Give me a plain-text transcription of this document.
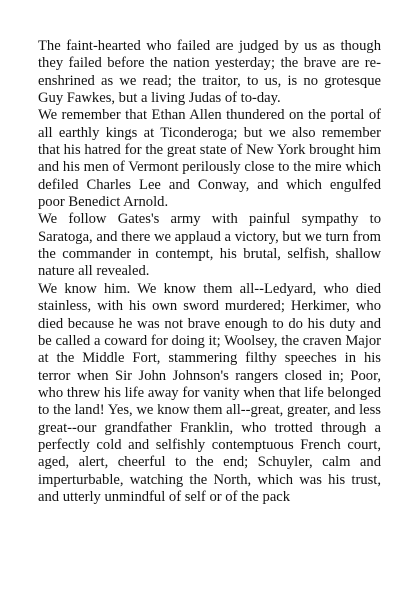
The faint-hearted who failed are judged by us as though they failed before the nation yesterday; the brave are re-enshrined as we read; the traitor, to us, is no grotesque Guy Fawkes, but a living Judas of to-day.

We remember that Ethan Allen thundered on the portal of all earthly kings at Ticonderoga; but we also remember that his hatred for the great state of New York brought him and his men of Vermont perilously close to the mire which defiled Charles Lee and Conway, and which engulfed poor Benedict Arnold.

We follow Gates's army with painful sympathy to Saratoga, and there we applaud a victory, but we turn from the commander in contempt, his brutal, selfish, shallow nature all revealed.

We know him. We know them all--Ledyard, who died stainless, with his own sword murdered; Herkimer, who died because he was not brave enough to do his duty and be called a coward for doing it; Woolsey, the craven Major at the Middle Fort, stammering filthy speeches in his terror when Sir John Johnson's rangers closed in; Poor, who threw his life away for vanity when that life belonged to the land! Yes, we know them all--great, greater, and less great--our grandfather Franklin, who trotted through a perfectly cold and selfishly contemptuous French court, aged, alert, cheerful to the end; Schuyler, calm and imperturbable, watching the North, which was his trust, and utterly unmindful of self or of the pack
